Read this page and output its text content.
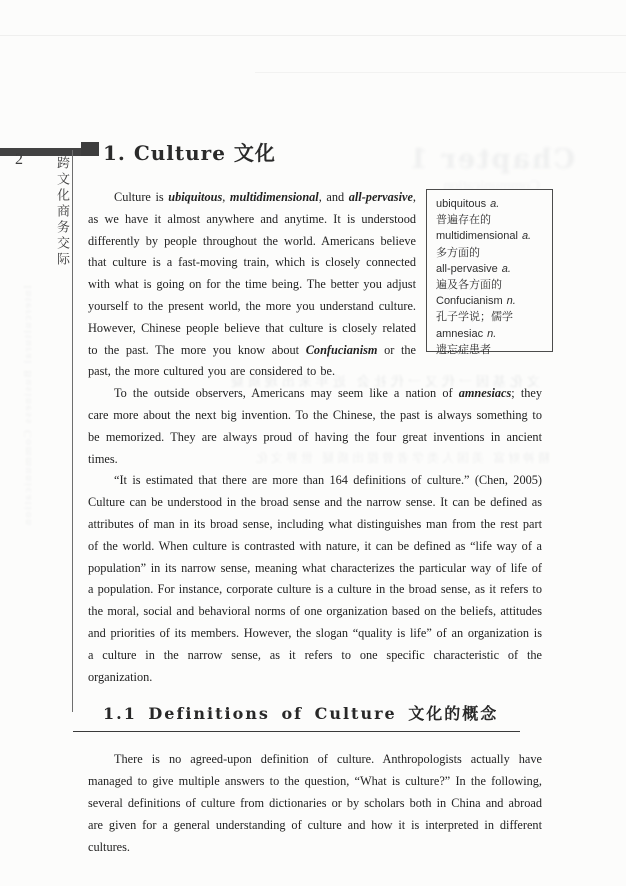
Chapter 1
Communication
文化基因一代又一代社会 近年来出现质疑
精神财富 美国人类学者曾提出质疑 世界文化
Intercultural Business Communication
2 跨文化商务交际
1. Culture 文化
ubiquitous a.
普遍存在的
multidimensional a.
多方面的
all-pervasive a.
遍及各方面的
Confucianism n.
孔子学说；儒学
amnesiac n.
遗忘症患者

Culture is ubiquitous, multidimensional, and all-pervasive, as we have it almost anywhere and anytime. It is understood differently by people throughout the world. Americans believe that culture is a fast-moving train, which is closely connected with what is going on for the time being. The better you adjust yourself to the present world, the more you understand culture. However, Chinese people believe that culture is closely related to the past. The more you know about Confucianism or the past, the more cultured you are considered to be.

To the outside observers, Americans may seem like a nation of amnesiacs; they care more about the next big invention. To the Chinese, the past is always something to be memorized. They are always proud of having the four great inventions in ancient times.

“It is estimated that there are more than 164 definitions of culture.” (Chen, 2005) Culture can be understood in the broad sense and the narrow sense. It can be defined as attributes of man in its broad sense, including what distinguishes man from the rest part of the world. When culture is contrasted with nature, it can be defined as “life way of a population” in its narrow sense, meaning what characterizes the particular way of life of a population. For instance, corporate culture is a culture in the broad sense, as it refers to the moral, social and behavioral norms of one organization based on the beliefs, attitudes and priorities of its members. However, the slogan “quality is life” of an organization is a culture in the narrow sense, as it refers to one specific characteristic of the organization.

1.1 Definitions of Culture 文化的概念

There is no agreed-upon definition of culture. Anthropologists actually have managed to give multiple answers to the question, “What is culture?” In the following, several definitions of culture from dictionaries or by scholars both in China and abroad are given for a general understanding of culture and how it is interpreted in different cultures.
